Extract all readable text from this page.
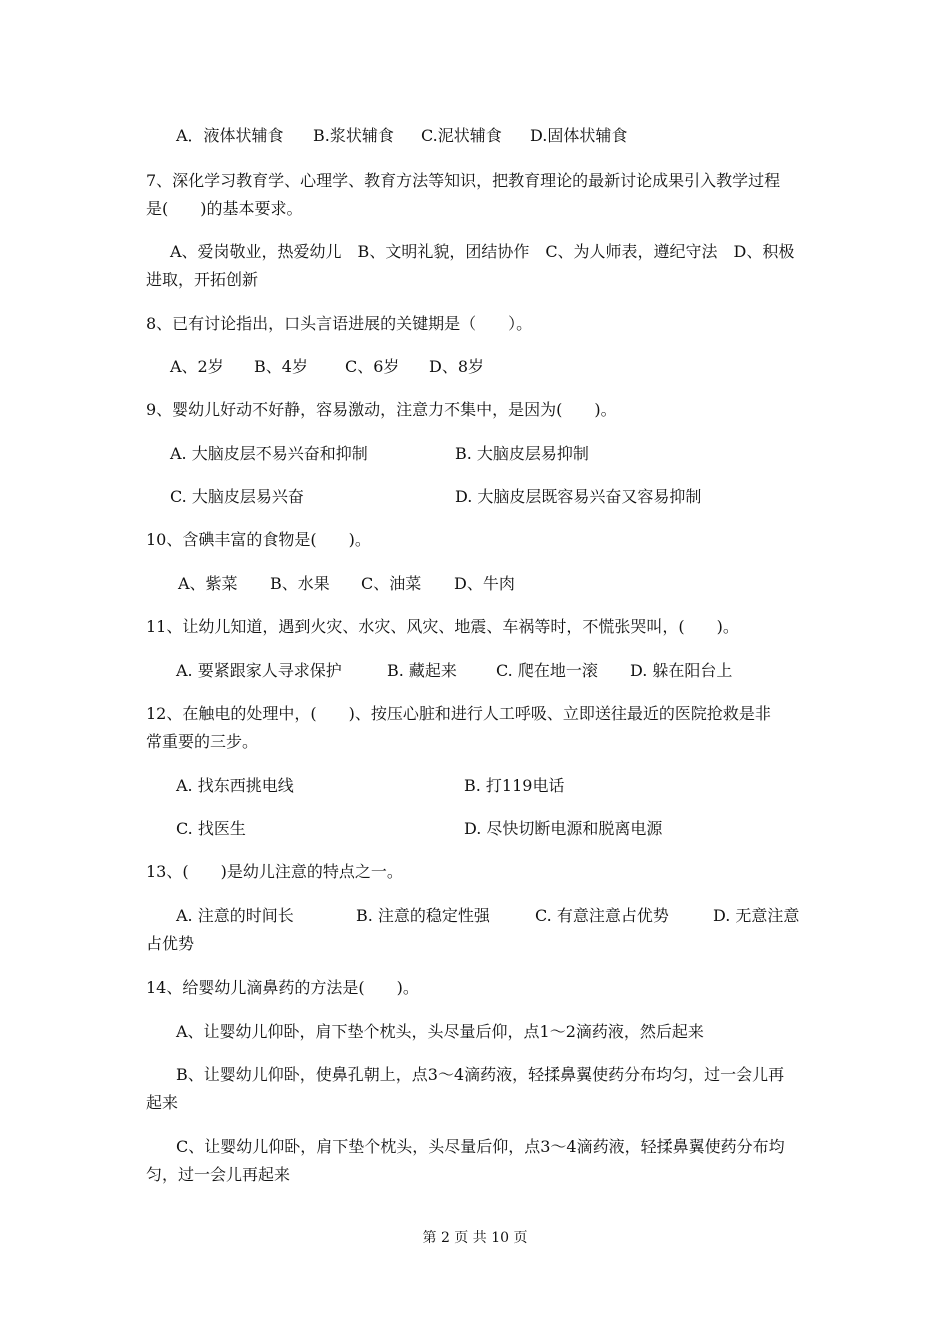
A．液体状辅食 B.浆状辅食 C.泥状辅食 D.固体状辅食
7、深化学习教育学、心理学、教育方法等知识，把教育理论的最新讨论成果引入教学过程
是(　　)的基本要求。
A、爱岗敬业，热爱幼儿　B、文明礼貌，团结协作　C、为人师表，遵纪守法　D、积极
进取，开拓创新
8、已有讨论指出，口头言语进展的关键期是（　　）。
A、2岁 B、4岁 C、6岁 D、8岁
9、婴幼儿好动不好静，容易激动，注意力不集中，是因为(　　)。
A. 大脑皮层不易兴奋和抑制	B. 大脑皮层易抑制
C. 大脑皮层易兴奋	D. 大脑皮层既容易兴奋又容易抑制
10、含碘丰富的食物是(　　)。
A、紫菜 B、水果 C、油菜 D、牛肉
11、让幼儿知道，遇到火灾、水灾、风灾、地震、车祸等时，不慌张哭叫，(　　)。
A. 要紧跟家人寻求保护	B. 藏起来 C. 爬在地一滚 D. 躲在阳台上
12、在触电的处理中，(　　)、按压心脏和进行人工呼吸、立即送往最近的医院抢救是非
常重要的三步。
A. 找东西挑电线	B. 打119电话
C. 找医生	D. 尽快切断电源和脱离电源
13、(　　)是幼儿注意的特点之一。
A. 注意的时间长	B. 注意的稳定性强	C. 有意注意占优势	D. 无意注意
占优势
14、给婴幼儿滴鼻药的方法是(　　)。
A、让婴幼儿仰卧，肩下垫个枕头，头尽量后仰，点1～2滴药液，然后起来
B、让婴幼儿仰卧，使鼻孔朝上，点3～4滴药液，轻揉鼻翼使药分布均匀，过一会儿再
起来
C、让婴幼儿仰卧，肩下垫个枕头，头尽量后仰，点3～4滴药液，轻揉鼻翼使药分布均
匀，过一会儿再起来
第 2 页 共 10 页
